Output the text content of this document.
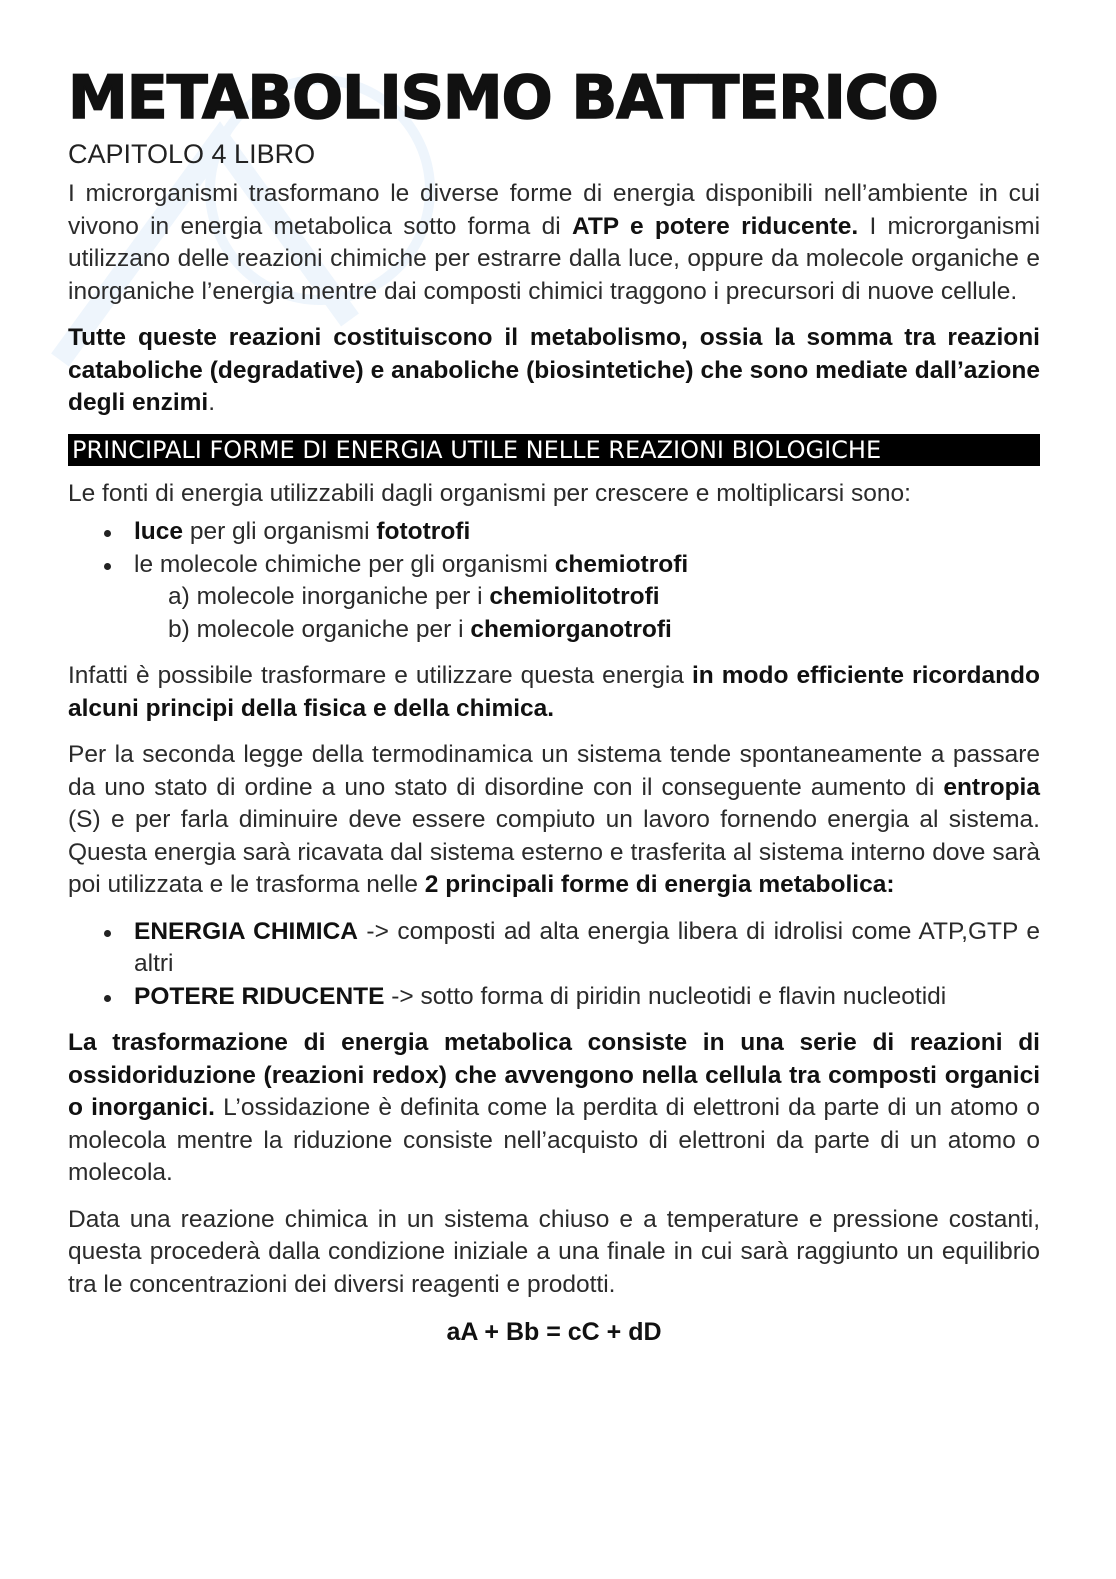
METABOLISMO BATTERICO
CAPITOLO 4 LIBRO

I microrganismi trasformano le diverse forme di energia disponibili nell’ambiente in cui vivono in energia metabolica sotto forma di ATP e potere riducente. I microrganismi utilizzano delle reazioni chimiche per estrarre dalla luce, oppure da molecole organiche e inorganiche l’energia mentre dai composti chimici traggono i precursori di nuove cellule.

Tutte queste reazioni costituiscono il metabolismo, ossia la somma tra reazioni cataboliche (degradative) e anaboliche (biosintetiche) che sono mediate dall’azione degli enzimi.

PRINCIPALI FORME DI ENERGIA UTILE NELLE REAZIONI BIOLOGICHE

Le fonti di energia utilizzabili dagli organismi per crescere e moltiplicarsi sono:

luce per gli organismi fototrofi
le molecole chimiche per gli organismi chemiotrofi
a) molecole inorganiche per i chemiolitotrofi
b) molecole organiche per i chemiorganotrofi

Infatti è possibile trasformare e utilizzare questa energia in modo efficiente ricordando alcuni principi della fisica e della chimica.

Per la seconda legge della termodinamica un sistema tende spontaneamente a passare da uno stato di ordine a uno stato di disordine con il conseguente aumento di entropia (S) e per farla diminuire deve essere compiuto un lavoro fornendo energia al sistema. Questa energia sarà ricavata dal sistema esterno e trasferita al sistema interno dove sarà poi utilizzata e le trasforma nelle 2 principali forme di energia metabolica:

ENERGIA CHIMICA -> composti ad alta energia libera di idrolisi come ATP,GTP e altri
POTERE RIDUCENTE -> sotto forma di piridin nucleotidi e flavin nucleotidi

La trasformazione di energia metabolica consiste in una serie di reazioni di ossidoriduzione (reazioni redox) che avvengono nella cellula tra composti organici o inorganici. L’ossidazione è definita come la perdita di elettroni da parte di un atomo o molecola mentre la riduzione consiste nell’acquisto di elettroni da parte di un atomo o molecola.

Data una reazione chimica in un sistema chiuso e a temperature e pressione costanti, questa procederà dalla condizione iniziale a una finale in cui sarà raggiunto un equilibrio tra le concentrazioni dei diversi reagenti e prodotti.

aA + Bb = cC + dD
